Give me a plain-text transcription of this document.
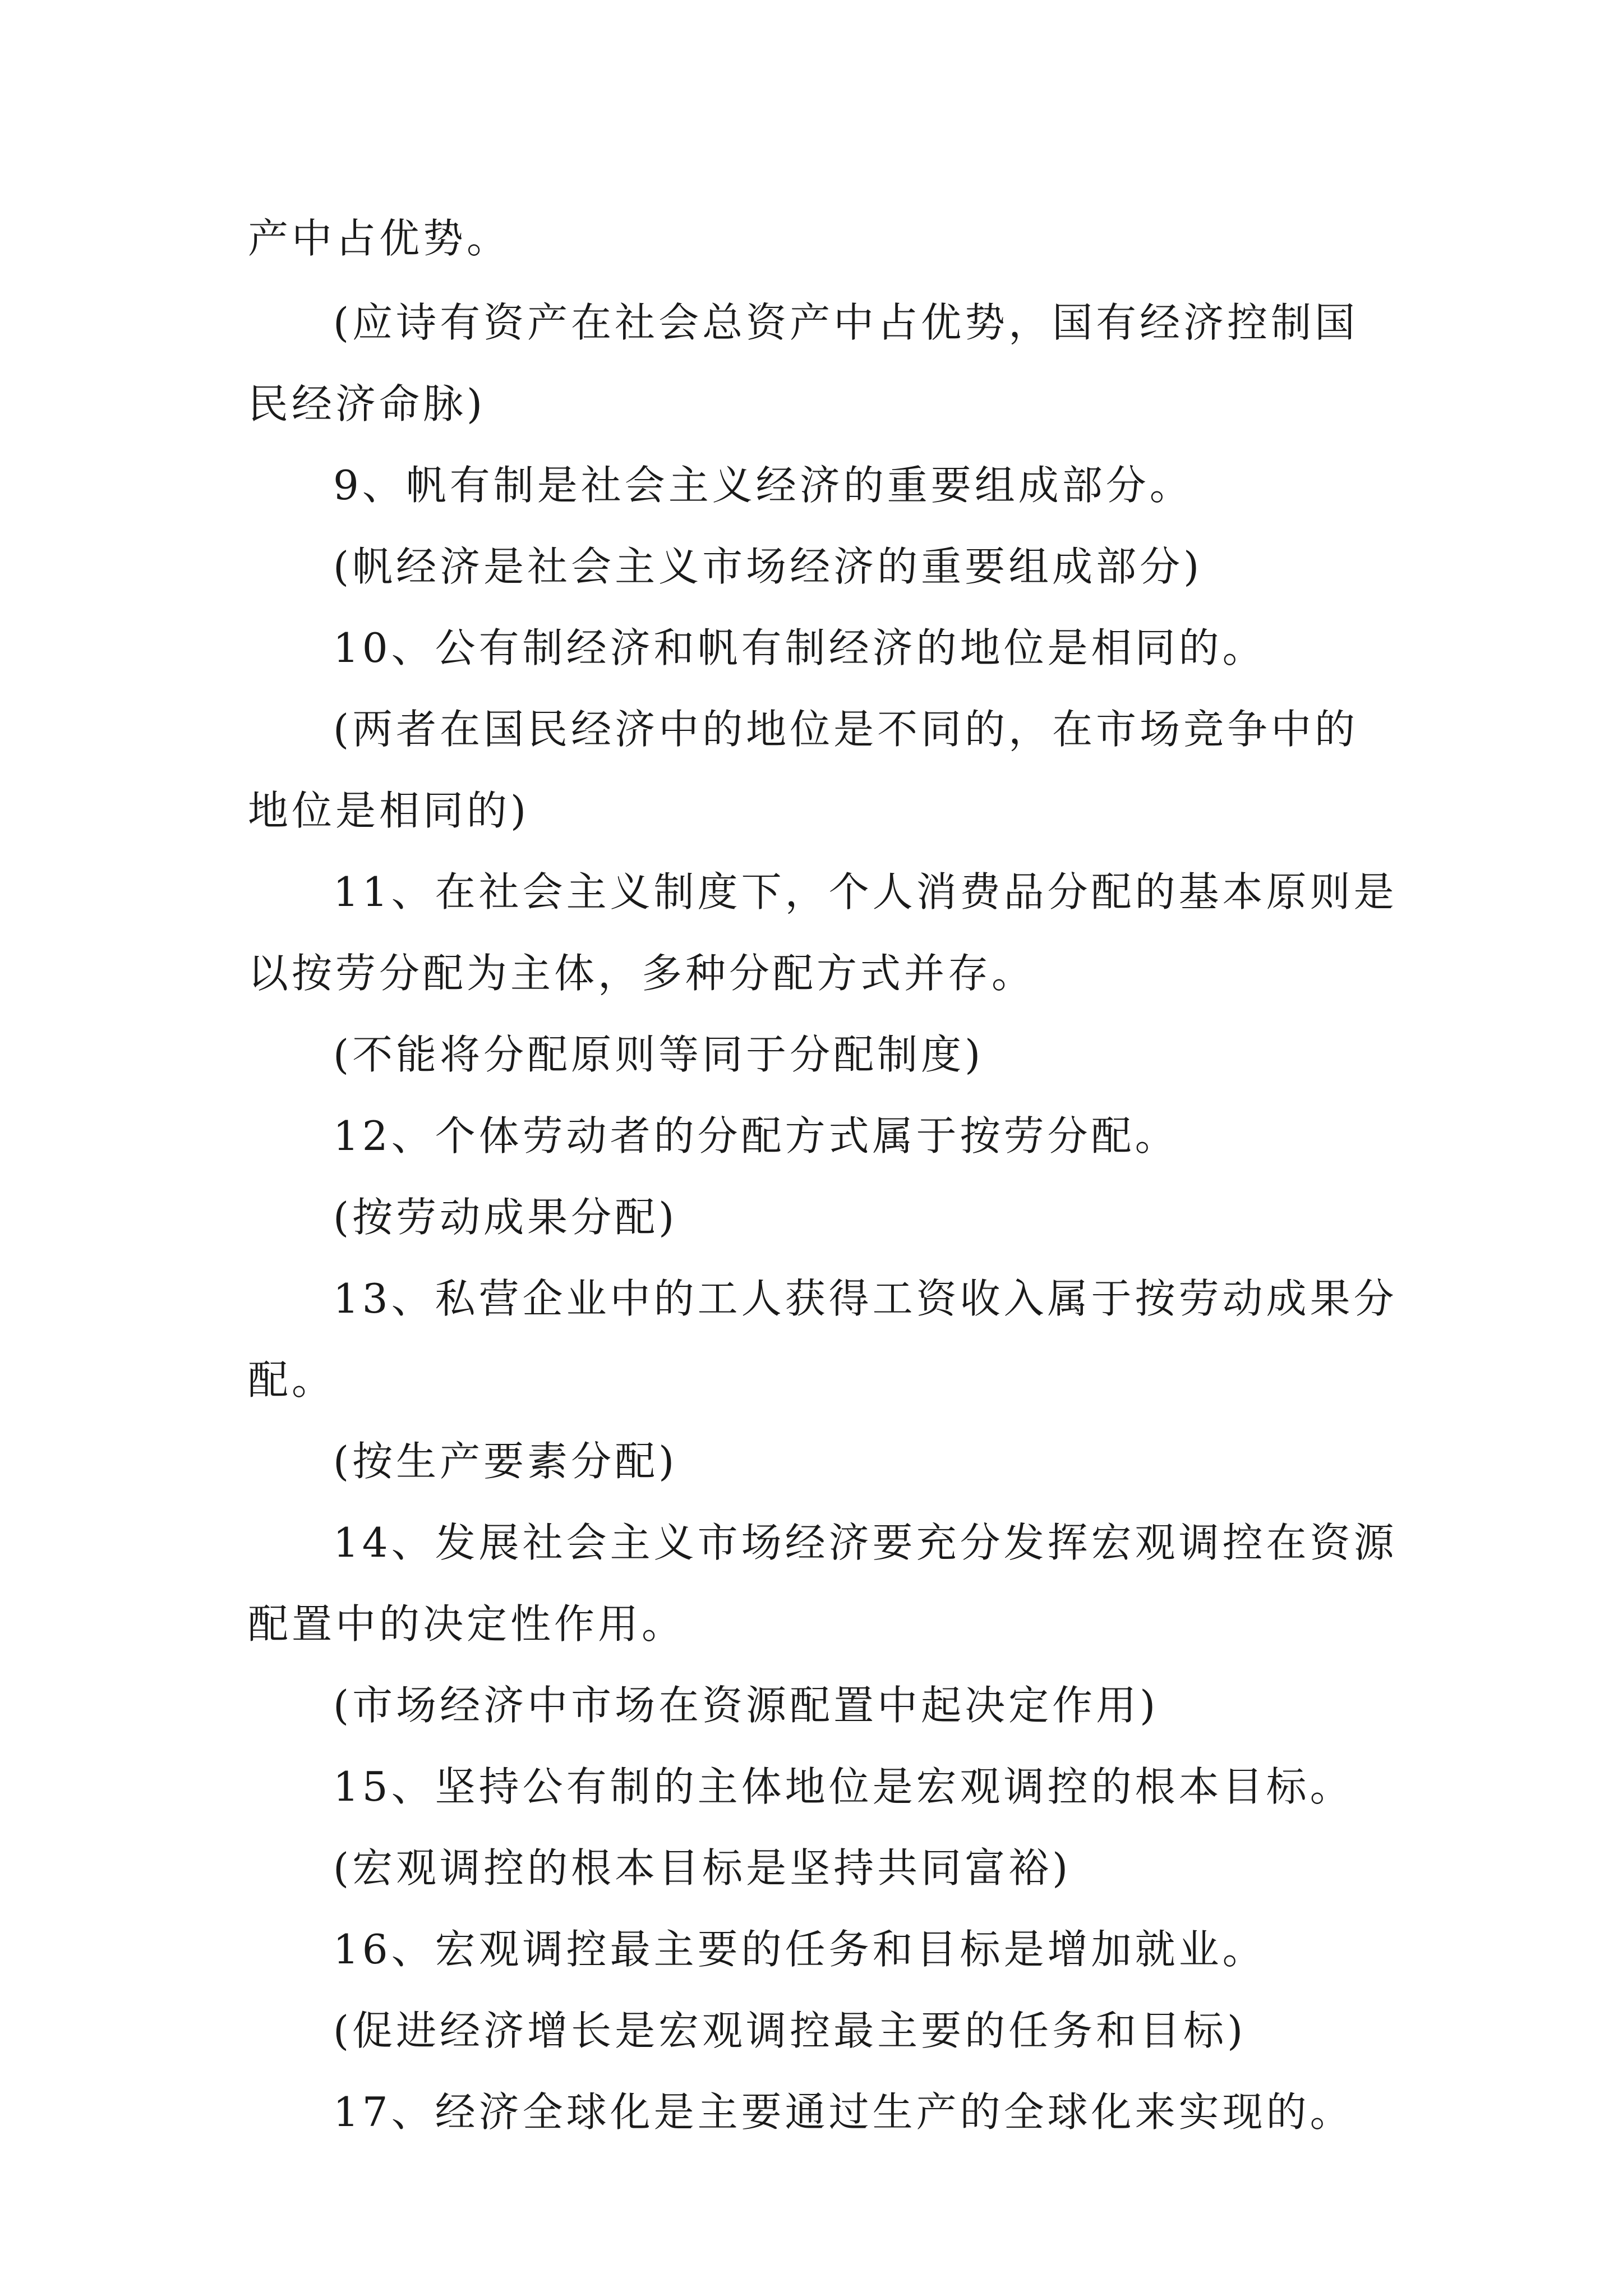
产中占优势。
(应诗有资产在社会总资产中占优势，国有经济控制国
民经济命脉)
9、帆有制是社会主义经济的重要组成部分。
(帆经济是社会主义市场经济的重要组成部分)
10、公有制经济和帆有制经济的地位是相同的。
(两者在国民经济中的地位是不同的，在市场竞争中的
地位是相同的)
11、在社会主义制度下，个人消费品分配的基本原则是
以按劳分配为主体，多种分配方式并存。
(不能将分配原则等同于分配制度)
12、个体劳动者的分配方式属于按劳分配。
(按劳动成果分配)
13、私营企业中的工人获得工资收入属于按劳动成果分
配。
(按生产要素分配)
14、发展社会主义市场经济要充分发挥宏观调控在资源
配置中的决定性作用。
(市场经济中市场在资源配置中起决定作用)
15、坚持公有制的主体地位是宏观调控的根本目标。
(宏观调控的根本目标是坚持共同富裕)
16、宏观调控最主要的任务和目标是增加就业。
(促进经济增长是宏观调控最主要的任务和目标)
17、经济全球化是主要通过生产的全球化来实现的。
